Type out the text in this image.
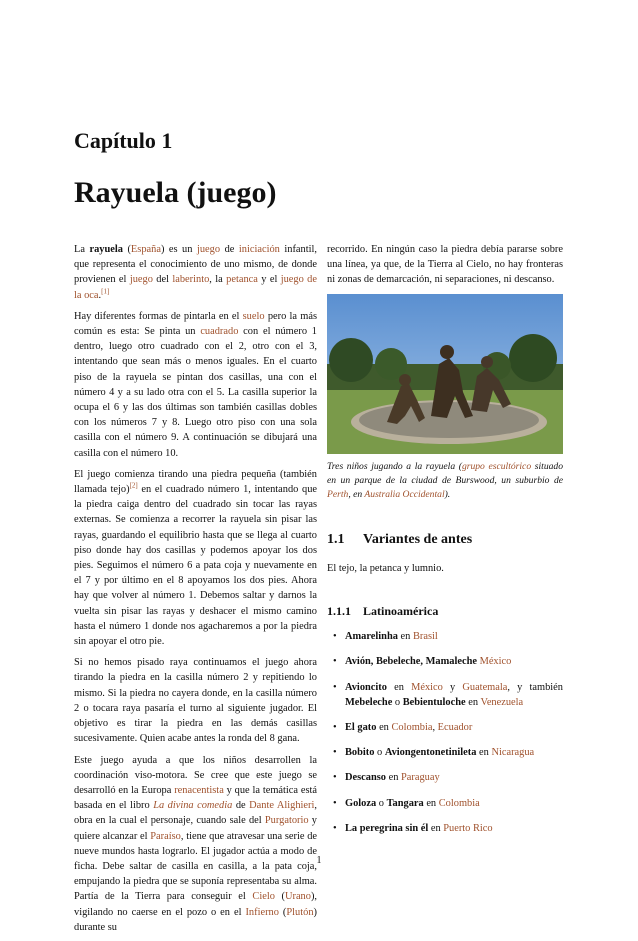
Capítulo 1
Rayuela (juego)

La rayuela (España) es un juego de iniciación infantil, que representa el conocimiento de uno mismo, de donde provienen el juego del laberinto, la petanca y el juego de la oca.[1]

Hay diferentes formas de pintarla en el suelo pero la más común es esta: Se pinta un cuadrado con el número 1 dentro, luego otro cuadrado con el 2, otro con el 3, intentando que sean más o menos iguales. En el cuarto piso de la rayuela se pintan dos casillas, una con el número 4 y a su lado otra con el 5. La casilla superior la ocupa el 6 y las dos últimas son también casillas dobles con los números 7 y 8. Luego otro piso con una sola casilla con el número 9. A continuación se dibujará una casilla con el número 10.

El juego comienza tirando una piedra pequeña (también llamada tejo)[2] en el cuadrado número 1, intentando que la piedra caiga dentro del cuadrado sin tocar las rayas externas. Se comienza a recorrer la rayuela sin pisar las rayas, guardando el equilibrio hasta que se llega al cuarto piso donde hay dos casillas y podemos apoyar los dos pies. Seguimos el número 6 a pata coja y nuevamente en el 7 y por último en el 8 apoyamos los dos pies. Ahora hay que volver al número 1. Debemos saltar y darnos la vuelta sin pisar las rayas y deshacer el mismo camino hasta el número 1 donde nos agacharemos a por la piedra sin apoyar el otro pie.

Si no hemos pisado raya continuamos el juego ahora tirando la piedra en la casilla número 2 y repitiendo lo mismo. Si la piedra no cayera donde, en la casilla número 2 o tocara raya pasaría el turno al siguiente jugador. El objetivo es tirar la piedra en las demás casillas sucesivamente. Quien acabe antes la ronda del 8 gana.

Este juego ayuda a que los niños desarrollen la coordinación viso-motora. Se cree que este juego se desarrolló en la Europa renacentista y que la temática está basada en el libro La divina comedia de Dante Alighieri, obra en la cual el personaje, cuando sale del Purgatorio y quiere alcanzar el Paraíso, tiene que atravesar una serie de nueve mundos hasta lograrlo. El jugador actúa a modo de ficha. Debe saltar de casilla en casilla, a la pata coja, empujando la piedra que se suponía representaba su alma. Partía de la Tierra para conseguir el Cielo (Urano), vigilando no caerse en el pozo o en el Infierno (Plutón) durante su

recorrido. En ningún caso la piedra debía pararse sobre una línea, ya que, de la Tierra al Cielo, no hay fronteras ni zonas de demarcación, ni separaciones, ni descanso.

Tres niños jugando a la rayuela (grupo escultórico situado en un parque de la ciudad de Burswood, un suburbio de Perth, en Australia Occidental).
1.1 Variantes de antes

El tejo, la petanca y lumnio.

1.1.1 Latinoamérica
• Amarelinha en Brasil
• Avión, Bebeleche, Mamaleche México
• Avioncito en México y Guatemala, y también Mebeleche o Bebientuloche en Venezuela
• El gato en Colombia, Ecuador
• Bobito o Aviongentonetinileta en Nicaragua
• Descanso en Paraguay
• Goloza o Tangara en Colombia
• La peregrina sin él en Puerto Rico
1
